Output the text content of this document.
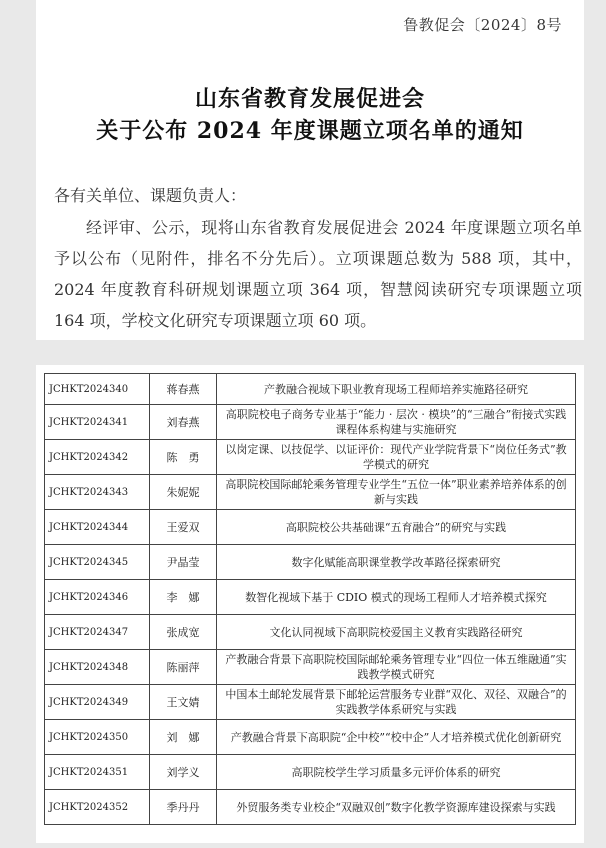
鲁教促会〔2024〕8号
山东省教育发展促进会
关于公布 2024 年度课题立项名单的通知
各有关单位、课题负责人：
经评审、公示，现将山东省教育发展促进会 2024 年度课题立项名单予以公布（见附件，排名不分先后）。立项课题总数为 588 项，其中，2024 年度教育科研规划课题立项 364 项，智慧阅读研究专项课题立项 164 项，学校文化研究专项课题立项 60 项。
JCHKT2024340	蒋春燕	产教融合视域下职业教育现场工程师培养实施路径研究
JCHKT2024341	刘春燕	高职院校电子商务专业基于“能力 · 层次 · 模块”的“三融合”衔接式实践课程体系构建与实施研究
JCHKT2024342	陈　勇	以岗定课、以技促学、以证评价：现代产业学院背景下“岗位任务式”教学模式的研究
JCHKT2024343	朱妮妮	高职院校国际邮轮乘务管理专业学生“五位一体”职业素养培养体系的创新与实践
JCHKT2024344	王爱双	高职院校公共基础课“五育融合”的研究与实践
JCHKT2024345	尹晶莹	数字化赋能高职课堂教学改革路径探索研究
JCHKT2024346	李　娜	数智化视域下基于 CDIO 模式的现场工程师人才培养模式探究
JCHKT2024347	张成宽	文化认同视域下高职院校爱国主义教育实践路径研究
JCHKT2024348	陈丽萍	产教融合背景下高职院校国际邮轮乘务管理专业“四位一体五维融通”实践教学模式研究
JCHKT2024349	王文婧	中国本土邮轮发展背景下邮轮运营服务专业群“双化、双径、双融合”的实践教学体系研究与实践
JCHKT2024350	刘　娜	产教融合背景下高职院“企中校”“校中企”人才培养模式优化创新研究
JCHKT2024351	刘学义	高职院校学生学习质量多元评价体系的研究
JCHKT2024352	季丹丹	外贸服务类专业校企“双融双创”数字化教学资源库建设探索与实践
